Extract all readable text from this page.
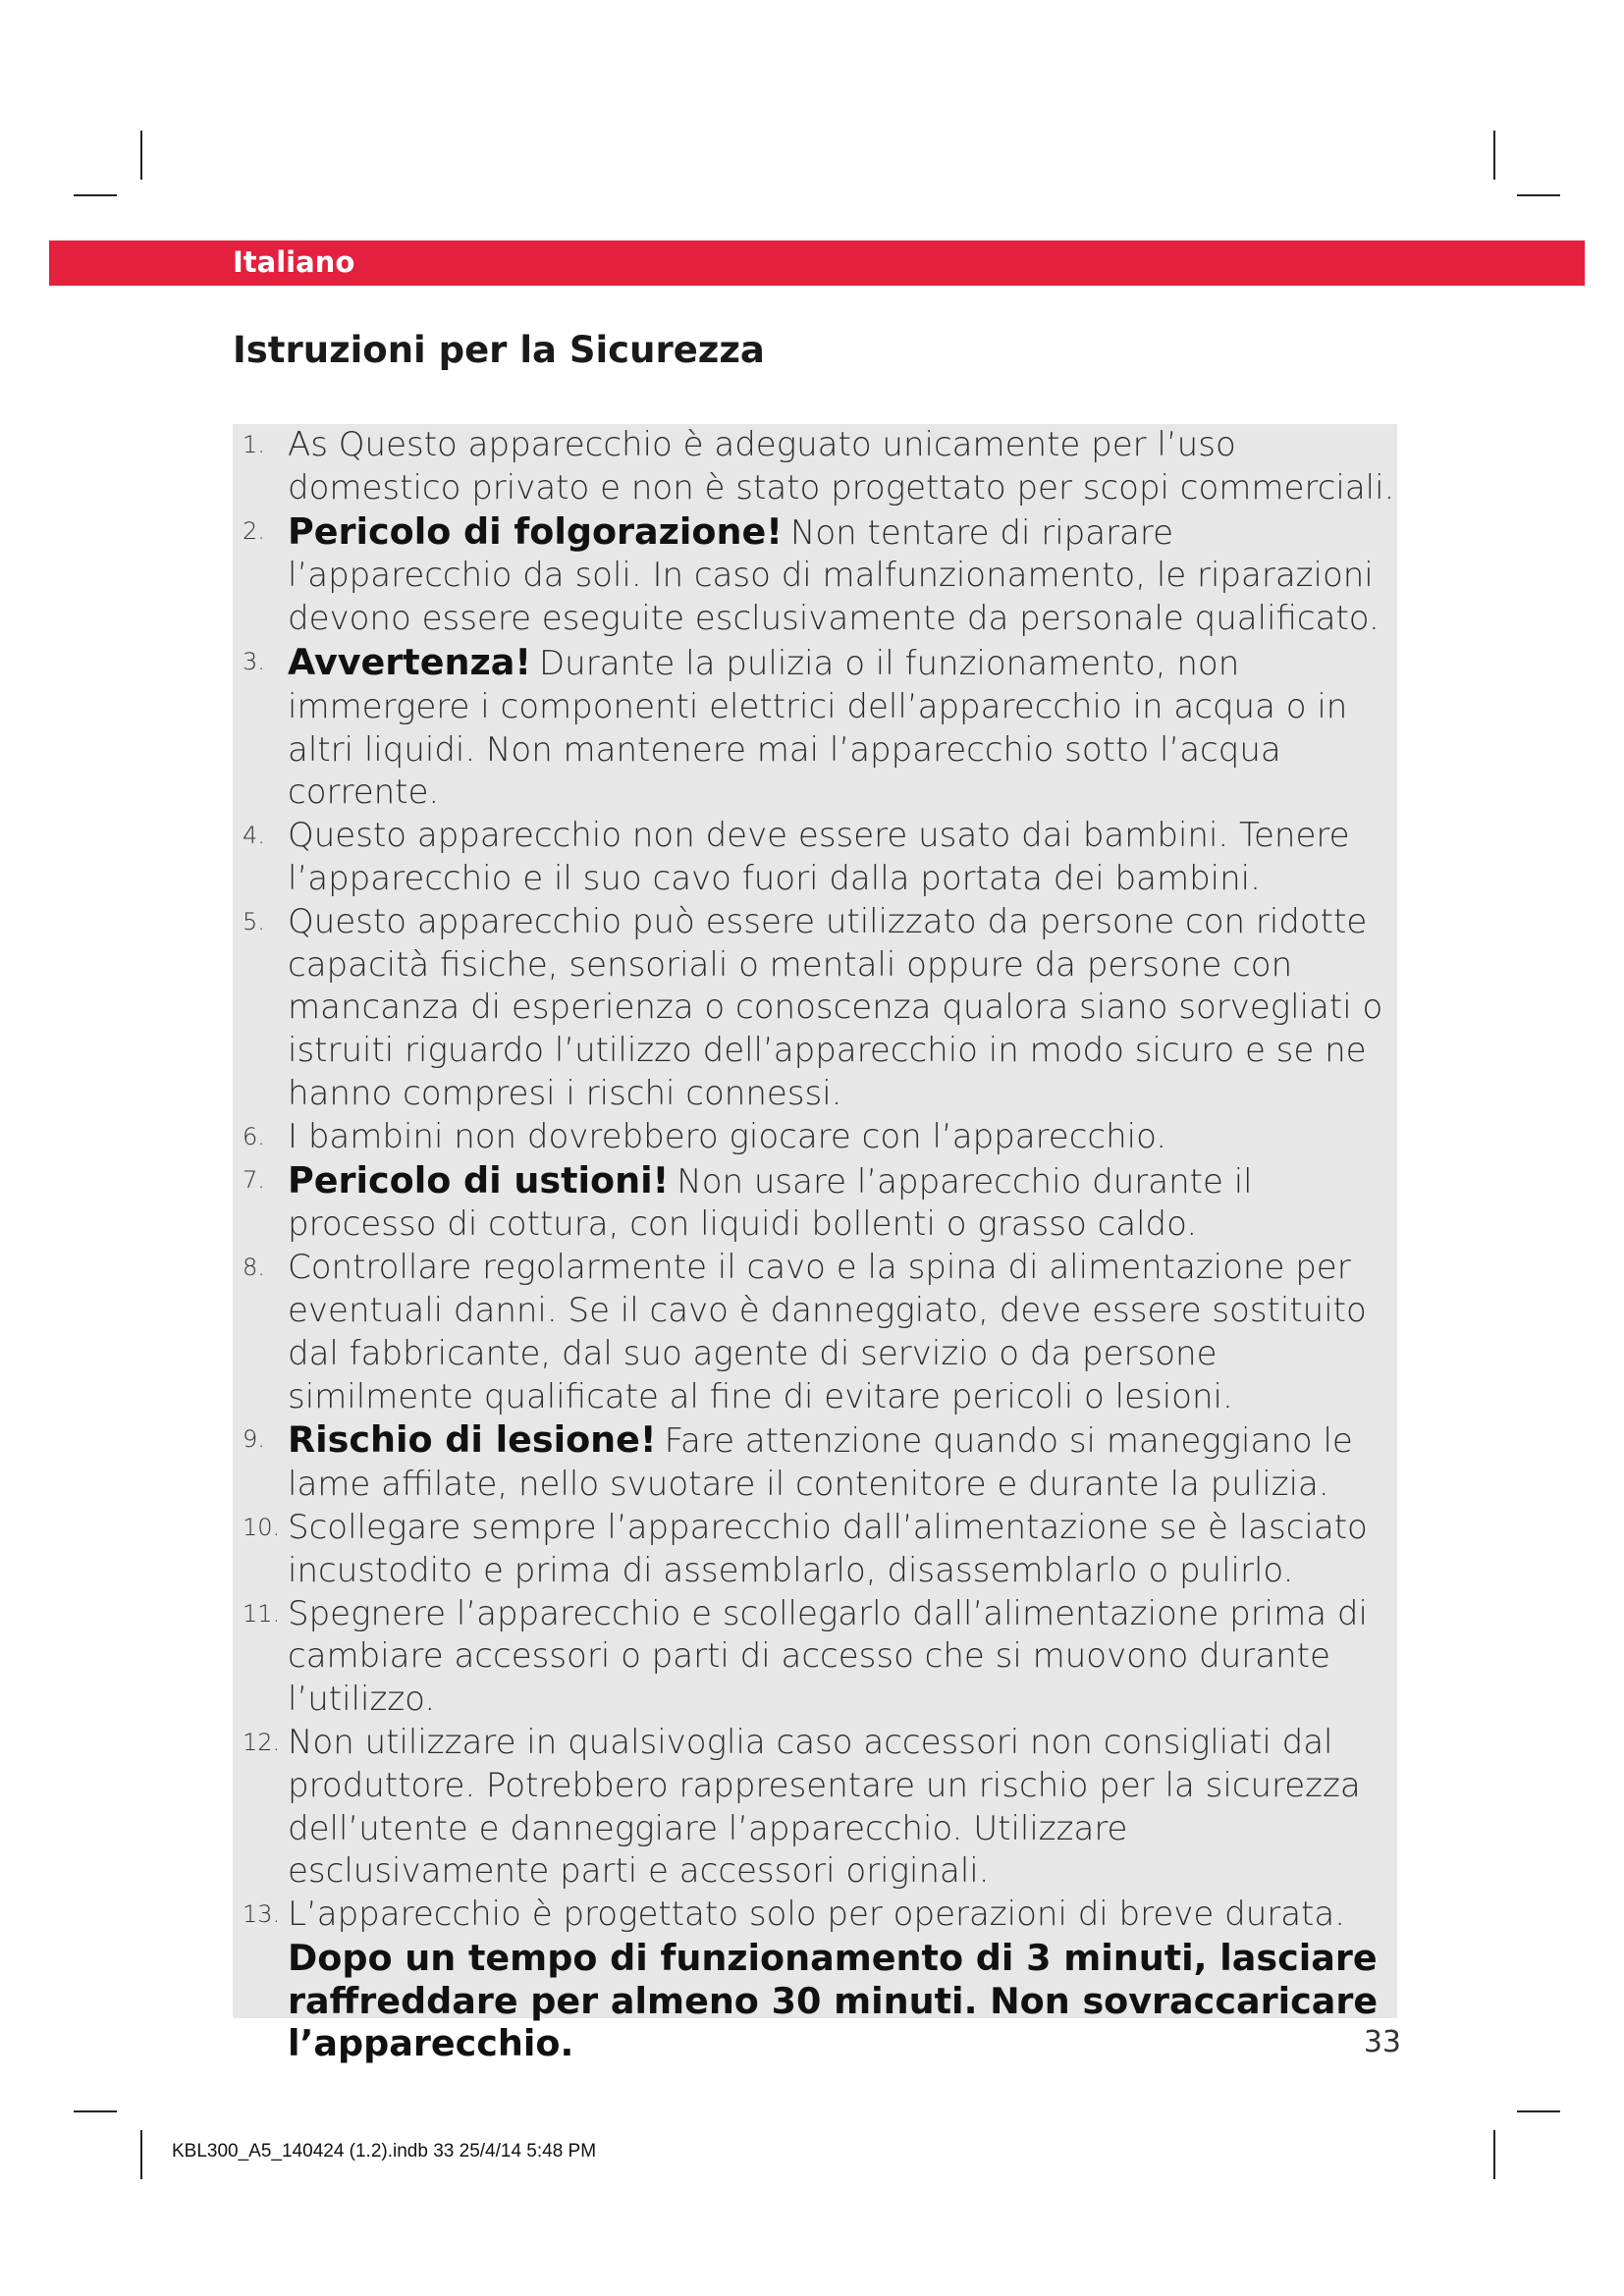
Italiano
Istruzioni per la Sicurezza
1. As Questo apparecchio è adeguato unicamente per l’uso domestico privato e non è stato progettato per scopi commerciali.
2. Pericolo di folgorazione! Non tentare di riparare l’apparecchio da soli. In caso di malfunzionamento, le riparazioni devono essere eseguite esclusivamente da personale qualificato.
3. Avvertenza! Durante la pulizia o il funzionamento, non immergere i componenti elettrici dell’apparecchio in acqua o in altri liquidi. Non mantenere mai l’apparecchio sotto l’acqua corrente.
4. Questo apparecchio non deve essere usato dai bambini. Tenere l’apparecchio e il suo cavo fuori dalla portata dei bambini.
5. Questo apparecchio può essere utilizzato da persone con ridotte capacità fisiche, sensoriali o mentali oppure da persone con mancanza di esperienza o conoscenza qualora siano sorvegliati o istruiti riguardo l’utilizzo dell’apparecchio in modo sicuro e se ne hanno compresi i rischi connessi.
6. I bambini non dovrebbero giocare con l’apparecchio.
7. Pericolo di ustioni! Non usare l’apparecchio durante il processo di cottura, con liquidi bollenti o grasso caldo.
8. Controllare regolarmente il cavo e la spina di alimentazione per eventuali danni. Se il cavo è danneggiato, deve essere sostituito dal fabbricante, dal suo agente di servizio o da persone similmente qualificate al fine di evitare pericoli o lesioni.
9. Rischio di lesione! Fare attenzione quando si maneggiano le lame affilate, nello svuotare il contenitore e durante la pulizia.
10. Scollegare sempre l’apparecchio dall’alimentazione se è lasciato incustodito e prima di assemblarlo, disassemblarlo o pulirlo.
11. Spegnere l’apparecchio e scollegarlo dall’alimentazione prima di cambiare accessori o parti di accesso che si muovono durante l’utilizzo.
12. Non utilizzare in qualsivoglia caso accessori non consigliati dal produttore. Potrebbero rappresentare un rischio per la sicurezza dell’utente e danneggiare l’apparecchio. Utilizzare esclusivamente parti e accessori originali.
13. L’apparecchio è progettato solo per operazioni di breve durata.
Dopo un tempo di funzionamento di 3 minuti, lasciare raffreddare per almeno 30 minuti. Non sovraccaricare l’apparecchio.	33
KBL300_A5_140424 (1.2).indb 33 25/4/14 5:48 PM
